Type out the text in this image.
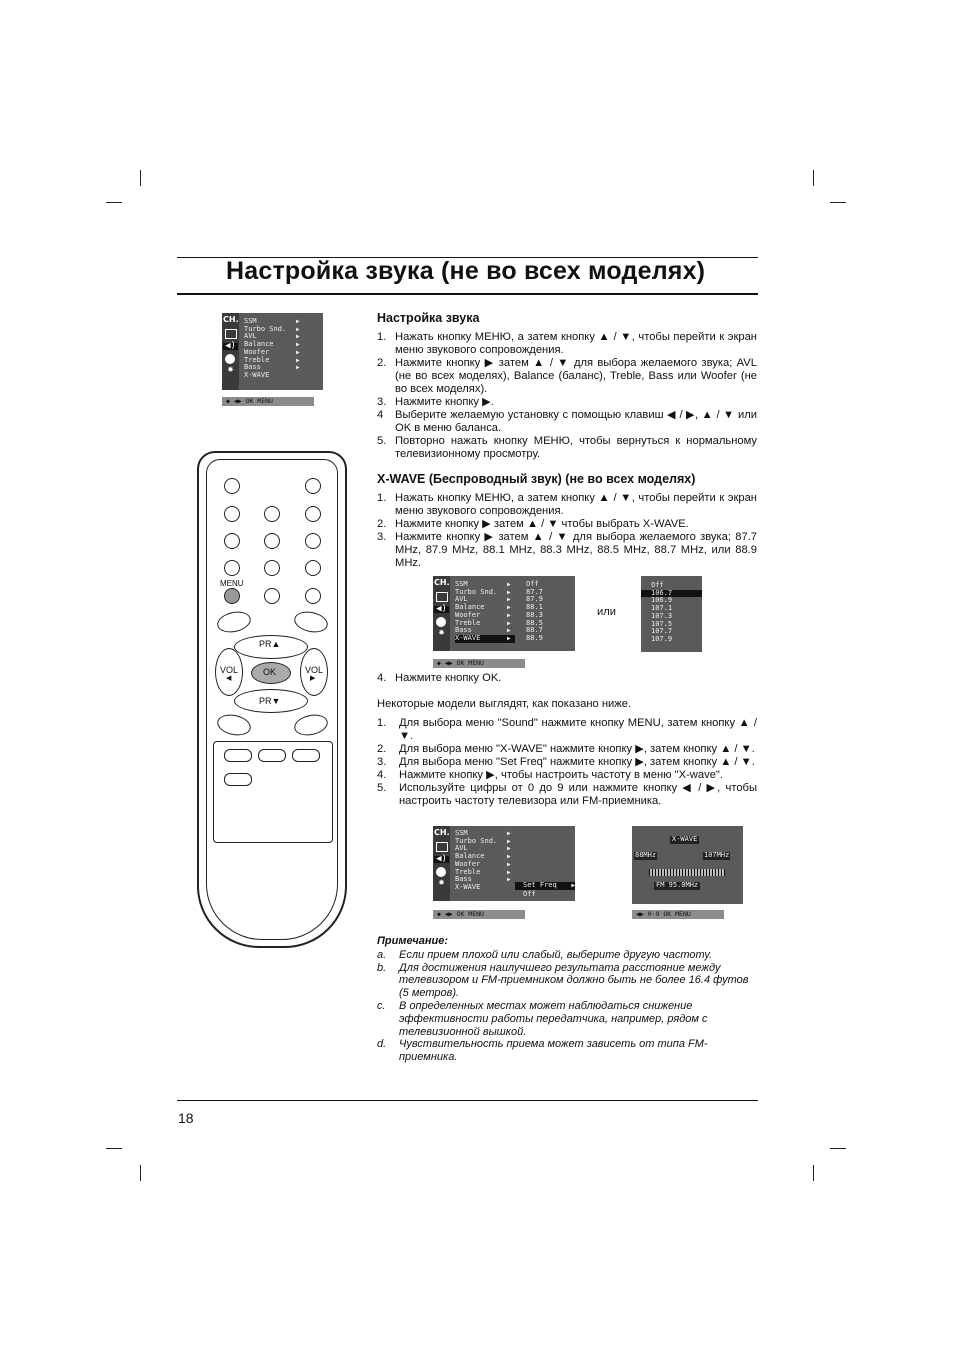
Настройка звука (не во всех моделях)
CH.
◀)
✸
SSM	▶
Turbo Snd.	▶
AVL	▶
Balance	▶
Woofer	▶
Treble	▶
Bass	▶
X-WAVE
◆ ◀▶ OK MENU
MENU
PR▲
VOL
◀
OK	VOL
▶
PR▼
Настройка звука
1. Нажать кнопку МЕНЮ, а затем кнопку ▲ / ▼, чтобы перейти к экран меню звукового сопровождения.
2. Нажмите кнопку ▶ затем ▲ / ▼ для выбора желаемого звука; AVL (не во всех моделях), Balance (баланс), Treble, Bass или Woofer (не во всех моделях).
3. Нажмите кнопку ▶.
4	Выберите желаемую установку с помощью клавиш ◀ / ▶, ▲ / ▼ или OK в меню баланса.
5. Повторно нажать кнопку МЕНЮ, чтобы вернуться к нормальному телевизионному просмотру.
X-WAVE (Беспроводный звук) (не во всех моделях)
1. Нажать кнопку МЕНЮ, а затем кнопку ▲ / ▼, чтобы перейти к экран меню звукового сопровождения.
2. Нажмите кнопку ▶ затем ▲ / ▼ чтобы выбрать X-WAVE.
3. Нажмите кнопку ▶ затем ▲ / ▼ для выбора желаемого звука; 87.7 MHz, 87.9 MHz, 88.1 MHz, 88.3 MHz, 88.5 MHz, 88.7 MHz, или 88.9 MHz.
CH.
◀)
✸
SSM	▶
Turbo Snd.	▶
AVL	▶
Balance	▶
Woofer	▶
Treble	▶
Bass	▶
X-WAVE	▶
Off
87.7
87.9
88.1
88.3
88.5
88.7
88.9
◆ ◀▶ OK MENU
или
Off
106.7
106.9
107.1
107.3
107.5
107.7
107.9
4. Нажмите кнопку OK.
Некоторые модели выглядят, как показано ниже.
1.	Для выбора меню "Sound" нажмите кнопку MENU, затем кнопку ▲ / ▼.
2.	Для выбора меню "X-WAVE" нажмите кнопку ▶, затем кнопку ▲ / ▼.
3.	Для выбора меню "Set Freq" нажмите кнопку ▶, затем кнопку ▲ / ▼.
4.	Нажмите кнопку ▶, чтобы настроить частоту в меню "X-wave".
5.	Используйте цифры от 0 до 9 или нажмите кнопку ◀ / ▶, чтобы настроить частоту телевизора или FM-приемника.
CH.
◀)
✸
SSM	▶
Turbo Snd.	▶
AVL	▶
Balance	▶
Woofer	▶
Treble	▶
Bass	▶
X-WAVE	Set Freq ▶
Off
◆ ◀▶ OK MENU
X-WAVE
88MHz	107MHz
FM 95.0MHz
◀▶ 0-9 OK MENU
Примечание:
a.	Если прием плохой или слабый, выберите другую частоту.
b.	Для достижения наилучшего результата расстояние между телевизором и FM-приемником должно быть не более 16.4 футов (5 метров).
c.	В определенных местах может наблюдаться снижение эффективности работы передатчика, например, рядом с телевизионной вышкой.
d.	Чувствительность приема может зависеть от типа FM-приемника.
18
